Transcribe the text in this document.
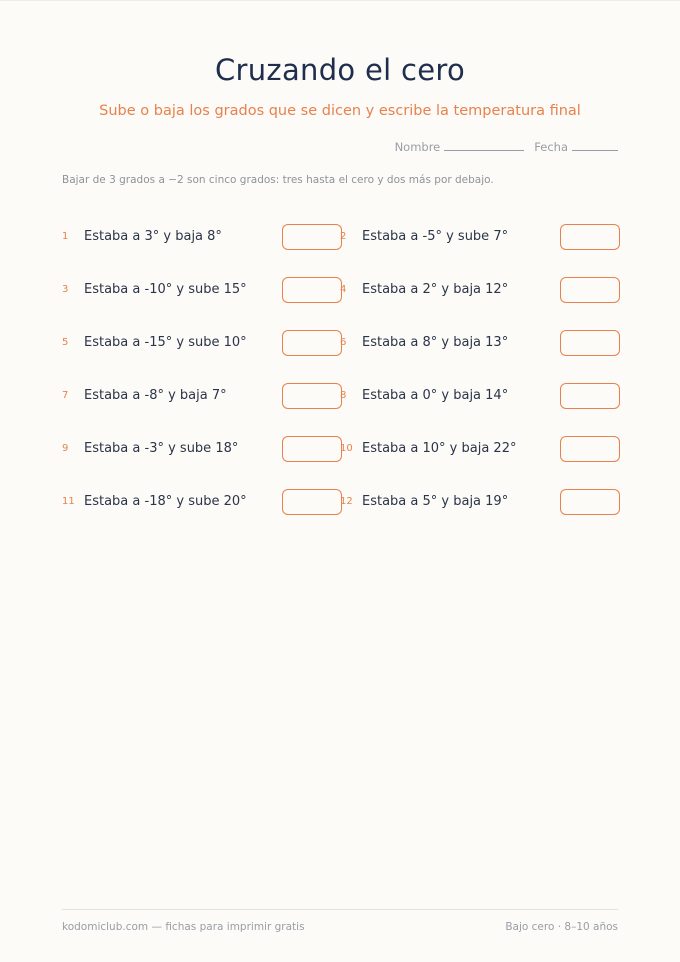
Cruzando el cero
Sube o baja los grados que se dicen y escribe la temperatura final
Nombre	Fecha
Bajar de 3 grados a −2 son cinco grados: tres hasta el cero y dos más por debajo.
1 Estaba a 3° y baja 8°	2 Estaba a -5° y sube 7°
3 Estaba a -10° y sube 15°	4 Estaba a 2° y baja 12°
5 Estaba a -15° y sube 10°	6 Estaba a 8° y baja 13°
7 Estaba a -8° y baja 7°	8 Estaba a 0° y baja 14°
9 Estaba a -3° y sube 18°	10 Estaba a 10° y baja 22°
11 Estaba a -18° y sube 20°	12 Estaba a 5° y baja 19°
kodomiclub.com — fichas para imprimir gratis	Bajo cero · 8–10 años
